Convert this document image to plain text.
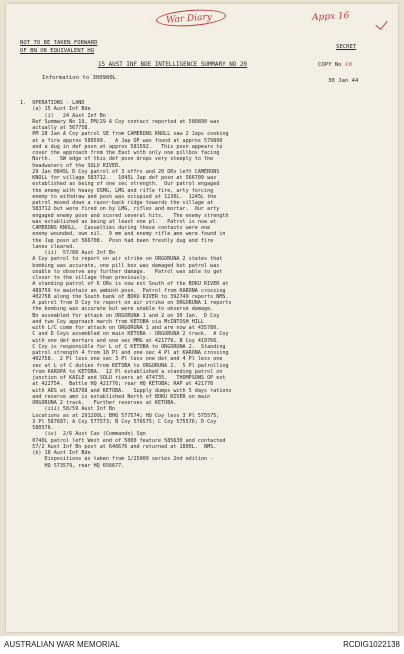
War Diary	Appx 16
NOT TO BE TAKEN FORWARD
OF BN OR EQUIVALENT HQ
SECRET
15 AUST INF BDE INTELLIGENCE SUMMARY NO 20	COPY No 16
Information to 300900L	30 Jan 44
1.  OPERATIONS - LAND
(a) 15 Aust Inf Bde
(i)   24 Aust Inf Bn
Ref Summary No 19, PM/29 A Coy contact reported at 580890 was
actually at 567758.
PM 28 Jan A Coy patrol SE from CAMERONS KNOLL saw 2 Japs cooking
at a fire approx 589590.   A Jap OP was found at approx 579890
and a dug in def posn at approx 581592.   This posn appears to
cover the approach from the East with only one pillbox facing
North.   SW edge of this def posn drops very steeply to the
headwaters of the SOLU RIVER.
29 Jan 0845L D Coy patrol of 3 offrs and 20 ORs left CAMERONS
KNOLL for village 583712.   1045L Jap def posn at 566709 was
established as being of one sec strength.  Our patrol engaged
the enemy with heavy OSMG, LMG and rifle fire, arty forcing
enemy to withdraw and posn was occupied at 1230L.  1245L the
patrol moved down a razor-back ridge towards the village at
583712 but were fired on by LMG, rifles and mortar.  Our arty
engaged enemy posn and scored several hits.   The enemy strength
was established as being at least one pl.   Patrol is now at
CAMERONS KNOLL.  Casualties during these contacts were one
enemy wounded, own nil.  9 mm and enemy rifle amn were found in
the Jap posn at 566708.  Posn had been freshly dug and fire
lanes cleared.
(ii)  57/60 Aust Inf Bn
A Coy patrol to report on air strike on ORGORUNA 2 states that
bombing was accurate, one pill box was damaged but patrol was
unable to observe any further damage.   Patrol was able to get
closer to the village than previously.
A standing patrol of 6 ORs is now est South of the BOKU RIVER at
489759 to maintain an ambush posn.  Patrol from KARONA crossing
402758 along the South bank of BOKU RIVER to 392749 reports NMS.
A patrol from D Coy to report on air strike on ORGORUNA 1 reports
the bombing was accurate but were unable to observe damage.
Bn assembled for attack on ORGORUNA 1 and 2 on 30 Jan.  D Coy
and two Coy approach march from KETOBA via McINTOSH HILL
with L/C comm for attack on ORGORUNA 1 and are now at 435780.
C and D Coys assembled on main KETOBA - ORGORUNA 2 track.  A Coy
with one det mortars and one sec MMG at 421779, B Coy 419766.
C Coy is responsible for L of C KETOBA to ORGORUNA 2.  Standing
patrol strength 4 from 16 Pl and one sec 4 Pl at KARONA crossing
402758.  2 Pl less one sec 3 Pl less one det and 4 Pl less one
sec at L of C duties from KETOBA to ORGORUNA 2.  5 Pl patrolling
from KAROPA to KETOBA.  12 Pl established a standing patrol on
junction of KAILE and SOLU rivers at 474735.   THOMPSONS OP est
at 422754.  Battle HQ 421776; rear HQ KETOBA; RAP at 421770
with ADS at 418768 and KETOBA.   Supply dumps with 5 days rations
and reserve amn is established North of BOKU RIVER on main
ORGORUNA 2 track.   Further reserves at KETOBA.
(iii) 58/59 Aust Inf Bn
Locations as at 2912OOL; BHQ 577574; HQ Coy less 3 Pl 575575;
3 Pl 587607; A Coy 577573; B Coy 576575; C Coy 575576; D Coy
580576.
(iv)  2/6 Aust Cav (Commando) Sqn
0740L patrol left West end of 5000 feature 585630 and contacted
57/2 Aust Inf Bn post at 646676 and returned at 1800L.  NMS.
(b) 18 Aust Inf Bde
Dispositions as taken from 1/25000 series 2nd edition -
HQ 573579, rear HQ 656677.
AUSTRALIAN WAR MEMORIAL	RCDIG1022138
